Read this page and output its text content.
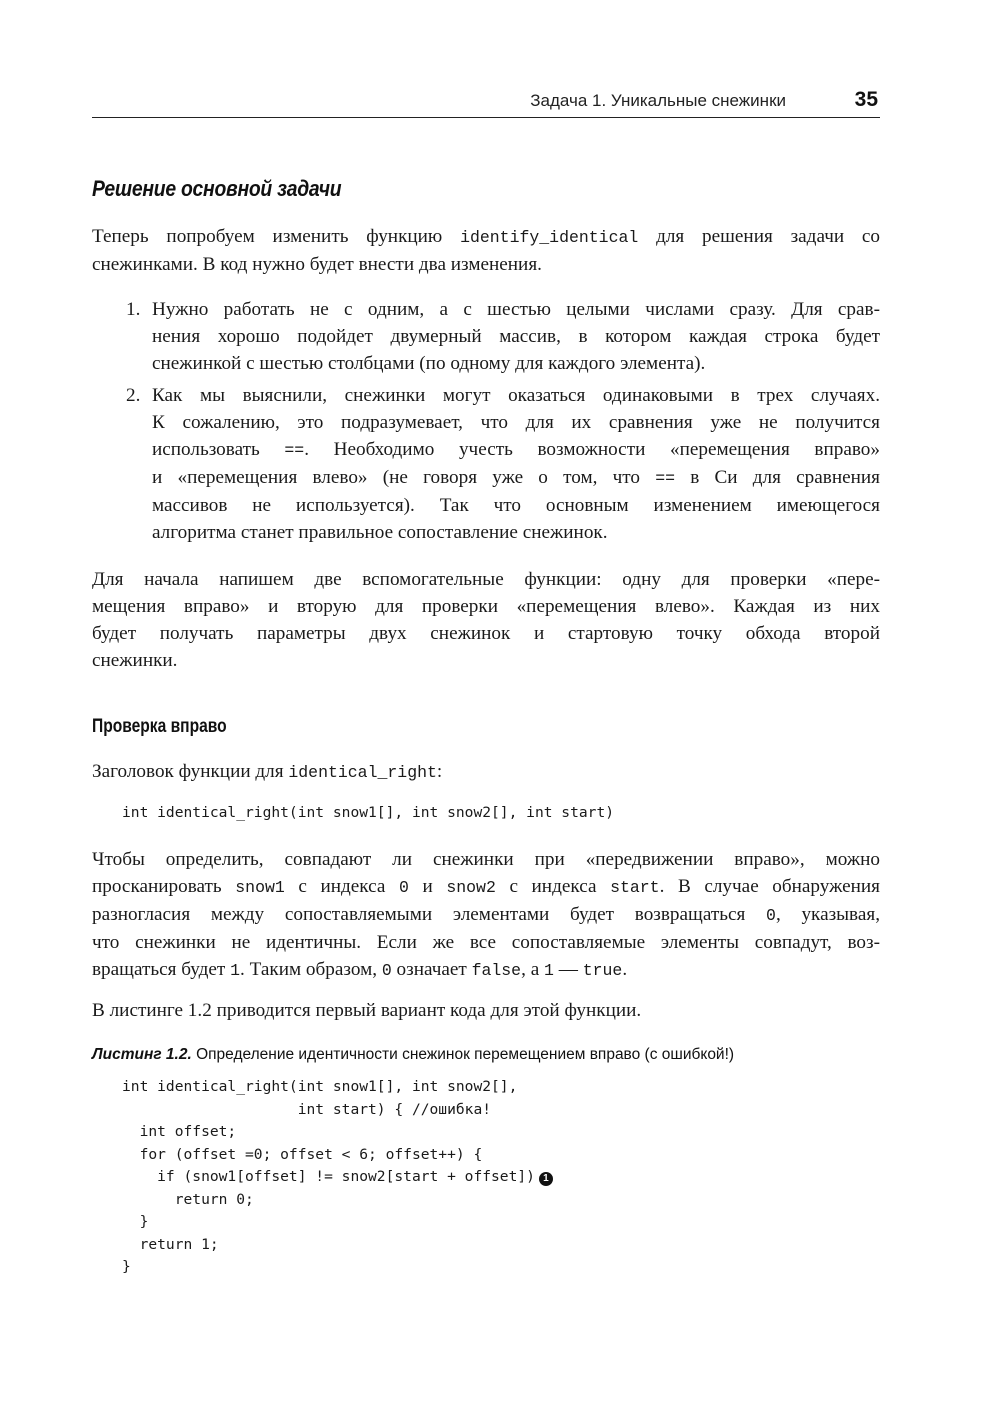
Задача 1. Уникальные снежинки	35
Решение основной задачи
Теперь попробуем изменить функцию identify_identical для решения задачи со
снежинками. В код нужно будет внести два изменения.
1. Нужно работать не с одним, а с шестью целыми числами сразу. Для срав-
нения хорошо подойдет двумерный массив, в котором каждая строка будет
снежинкой с шестью столбцами (по одному для каждого элемента).
2. Как мы выяснили, снежинки могут оказаться одинаковыми в трех случаях.
К сожалению, это подразумевает, что для их сравнения уже не получится
использовать ==. Необходимо учесть возможности «перемещения вправо»
и «перемещения влево» (не говоря уже о том, что == в Си для сравнения
массивов не используется). Так что основным изменением имеющегося
алгоритма станет правильное сопоставление снежинок.
Для начала напишем две вспомогательные функции: одну для проверки «пере-
мещения вправо» и вторую для проверки «перемещения влево». Каждая из них
будет получать параметры двух снежинок и стартовую точку обхода второй
снежинки.
Проверка вправо
Заголовок функции для identical_right:
int identical_right(int snow1[], int snow2[], int start)
Чтобы определить, совпадают ли снежинки при «передвижении вправо», можно
просканировать snow1 с индекса 0 и snow2 с индекса start. В случае обнаружения
разногласия между сопоставляемыми элементами будет возвращаться 0, указывая,
что снежинки не идентичны. Если же все сопоставляемые элементы совпадут, воз-
вращаться будет 1. Таким образом, 0 означает false, а 1 — true.
В листинге 1.2 приводится первый вариант кода для этой функции.
Листинг 1.2. Определение идентичности снежинок перемещением вправо (с ошибкой!)
int identical_right(int snow1[], int snow2[],
int start) { //ошибка!
int offset;
for (offset =0; offset < 6; offset++) {
if (snow1[offset] != snow2[start + offset]) 1
return 0;
}
return 1;
}
